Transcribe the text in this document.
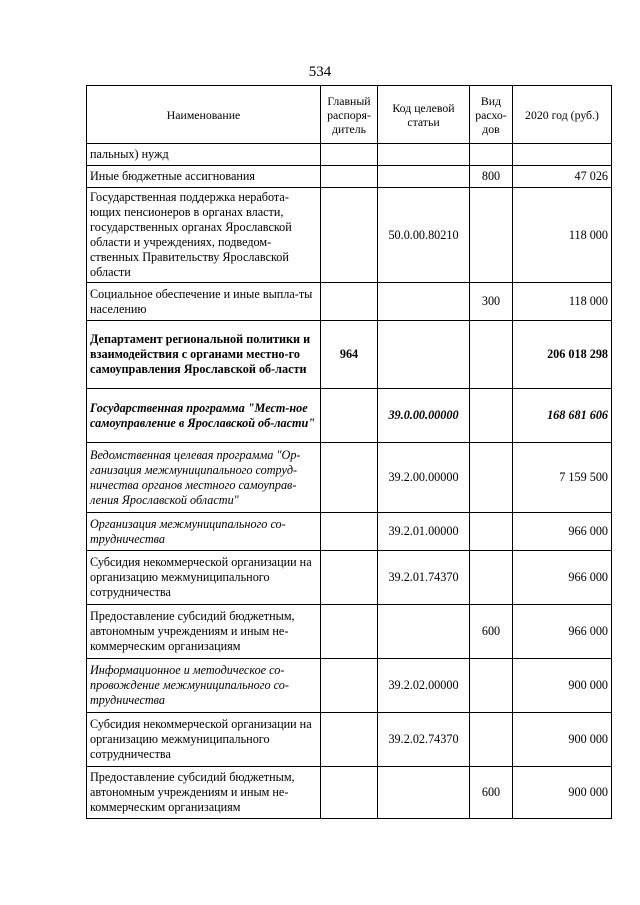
534
Наименование	Главный распоря-дитель	Код целевой статьи	Вид расхо-дов	2020 год (руб.)
пальных) нужд				
Иные бюджетные ассигнования			800	47 026
Государственная поддержка неработа-ющих пенсионеров в органах власти, государственных органах Ярославской области и учреждениях, подведом-ственных Правительству Ярославской области		50.0.00.80210		118 000
Социальное обеспечение и иные выпла-ты населению			300	118 000
Департамент региональной политики и взаимодействия с органами местно-го самоуправления Ярославской об-ласти	964			206 018 298
Государственная программа "Мест-ное самоуправление в Ярославской об-ласти"		39.0.00.00000		168 681 606
Ведомственная целевая программа "Ор-ганизация межмуниципального сотруд-ничества органов местного самоуправ-ления Ярославской области"		39.2.00.00000		7 159 500
Организация межмуниципального со-трудничества		39.2.01.00000		966 000
Субсидия некоммерческой организации на организацию межмуниципального сотрудничества		39.2.01.74370		966 000
Предоставление субсидий бюджетным, автономным учреждениям и иным не-коммерческим организациям			600	966 000
Информационное и методическое со-провождение межмуниципального со-трудничества		39.2.02.00000		900 000
Субсидия некоммерческой организации на организацию межмуниципального сотрудничества		39.2.02.74370		900 000
Предоставление субсидий бюджетным, автономным учреждениям и иным не-коммерческим организациям			600	900 000
